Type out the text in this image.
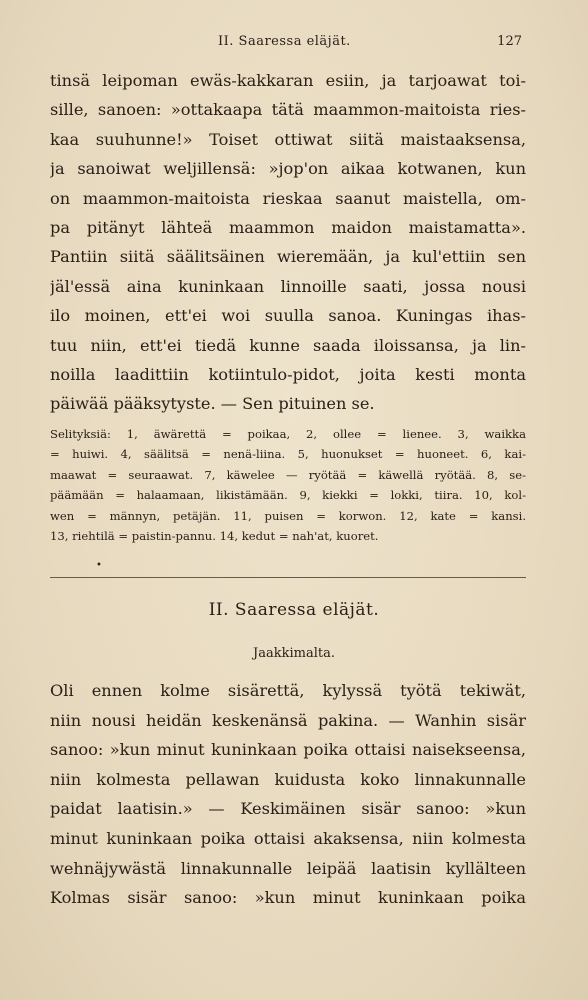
II. Saaressa eläjät.	127
tinsä leipoman ewäs-kakkaran esiin, ja tarjoawat toi-
sille, sanoen: »ottakaapa tätä maammon-maitoista ries-
kaa suuhunne!» Toiset ottiwat siitä maistaaksensa,
ja sanoiwat weljillensä: »jop'on aikaa kotwanen, kun
on maammon-maitoista rieskaa saanut maistella, om-
pa pitänyt lähteä maammon maidon maistamatta».
Pantiin siitä säälitsäinen wieremään, ja kul'ettiin sen
jäl'essä aina kuninkaan linnoille saati, jossa nousi
ilo moinen, ett'ei woi suulla sanoa. Kuningas ihas-
tuu niin, ett'ei tiedä kunne saada iloissansa, ja lin-
noilla laadittiin kotiintulo-pidot, joita kesti monta
päiwää pääksytyste. — Sen pituinen se.
Selityksiä: 1, äwärettä = poikaa, 2, ollee = lienee. 3, waikka
= huiwi. 4, säälitsä = nenä-liina. 5, huonukset = huoneet. 6, kai-
maawat = seuraawat. 7, käwelee — ryötää = käwellä ryötää. 8, se-
päämään = halaamaan, likistämään. 9, kiekki = lokki, tiira. 10, kol-
wen = männyn, petäjän. 11, puisen = korwon. 12, kate = kansi.
13, riehtilä = paistin-pannu. 14, kedut = nah'at, kuoret.
•
II. Saaressa eläjät.
Jaakkimalta.
Oli ennen kolme sisärettä, kylyssä työtä tekiwät,
niin nousi heidän keskenänsä pakina. — Wanhin sisär
sanoo: »kun minut kuninkaan poika ottaisi naisekseensa,
niin kolmesta pellawan kuidusta koko linnakunnalle
paidat laatisin.» — Keskimäinen sisär sanoo: »kun
minut kuninkaan poika ottaisi akaksensa, niin kolmesta
wehnäjywästä linnakunnalle leipää laatisin kyllälteen
Kolmas sisär sanoo: »kun minut kuninkaan poika
